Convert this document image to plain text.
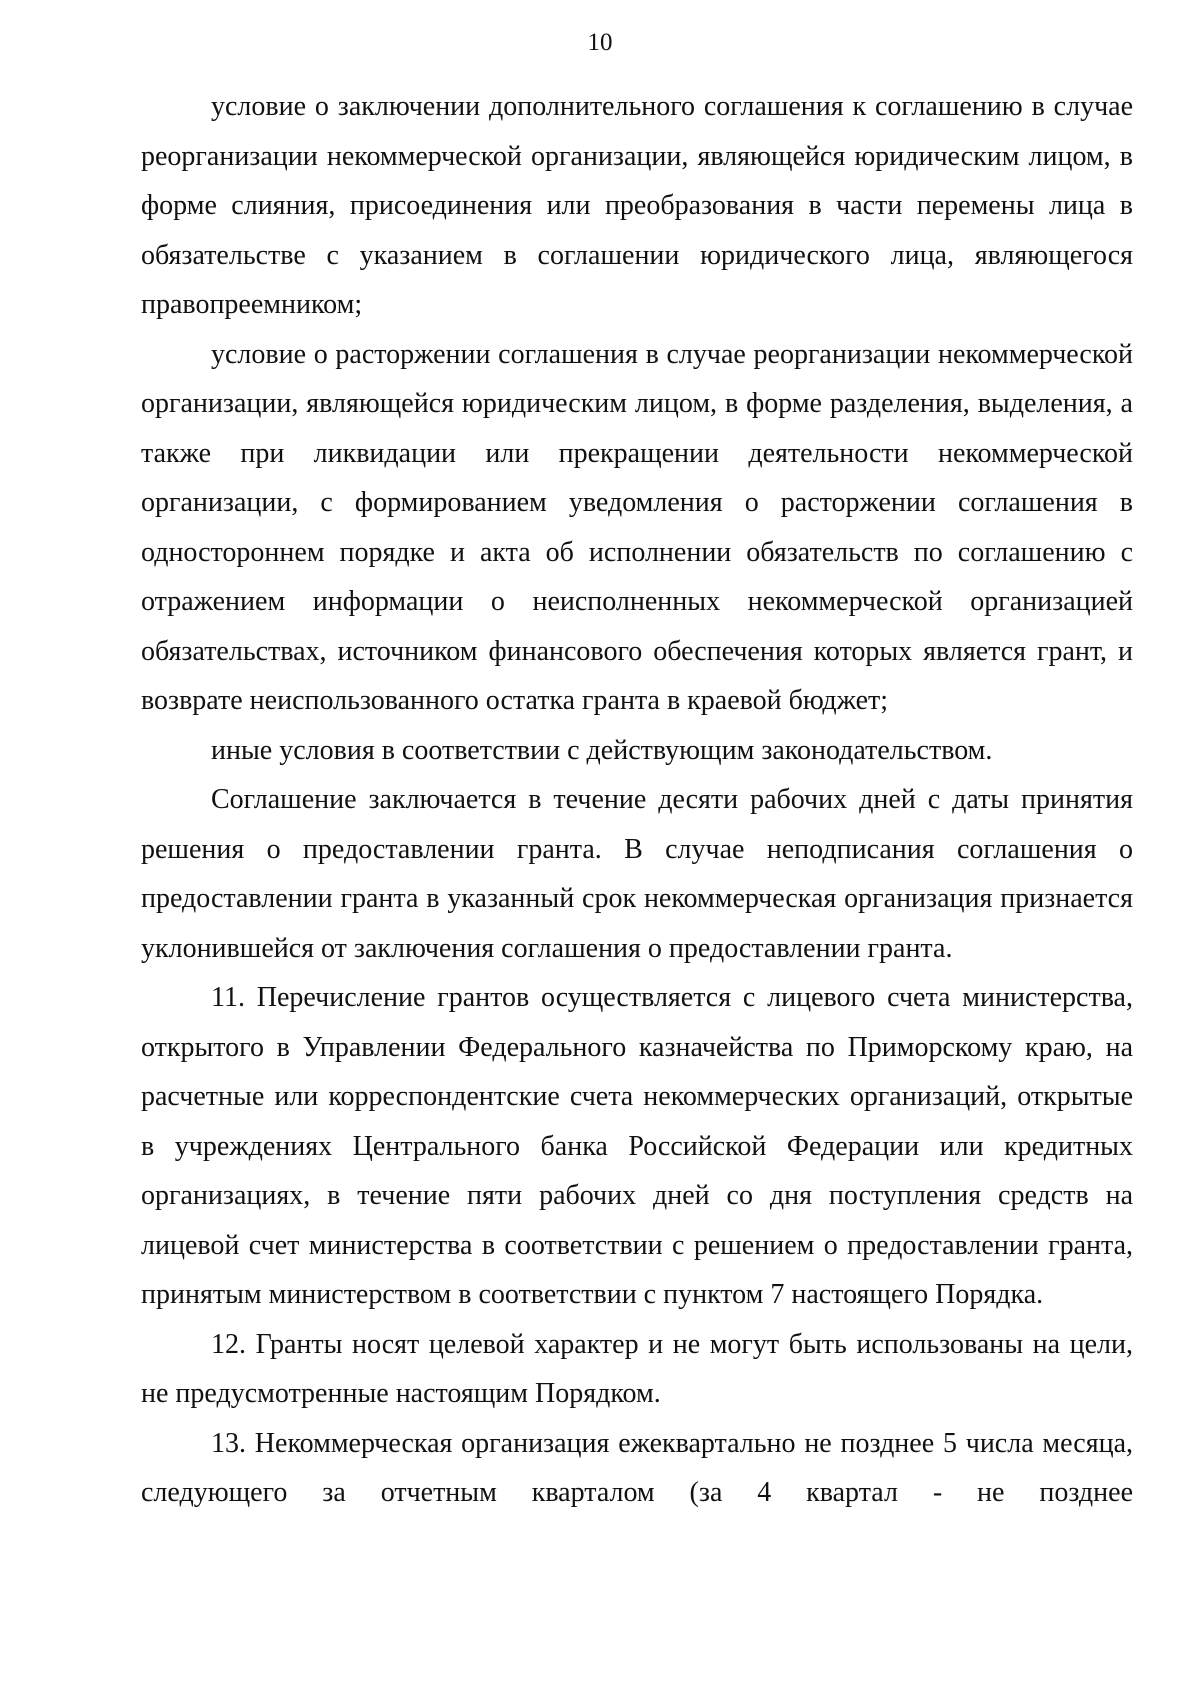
10

условие о заключении дополнительного соглашения к соглашению в случае реорганизации некоммерческой организации, являющейся юридическим лицом, в форме слияния, присоединения или преобразования в части перемены лица в обязательстве с указанием в соглашении юридического лица, являющегося правопреемником;

условие о расторжении соглашения в случае реорганизации некоммерческой организации, являющейся юридическим лицом, в форме разделения, выделения, а также при ликвидации или прекращении деятельности некоммерческой организации, с формированием уведомления о расторжении соглашения в одностороннем порядке и акта об исполнении обязательств по соглашению с отражением информации о неисполненных некоммерческой организацией обязательствах, источником финансового обеспечения которых является грант, и возврате неиспользованного остатка гранта в краевой бюджет;

иные условия в соответствии с действующим законодательством.

Соглашение заключается в течение десяти рабочих дней с даты принятия решения о предоставлении гранта. В случае неподписания соглашения о предоставлении гранта в указанный срок некоммерческая организация признается уклонившейся от заключения соглашения о предоставлении гранта.

11. Перечисление грантов осуществляется с лицевого счета министерства, открытого в Управлении Федерального казначейства по Приморскому краю, на расчетные или корреспондентские счета некоммерческих организаций, открытые в учреждениях Центрального банка Российской Федерации или кредитных организациях, в течение пяти рабочих дней со дня поступления средств на лицевой счет министерства в соответствии с решением о предоставлении гранта, принятым министерством в соответствии с пунктом 7 настоящего Порядка.

12. Гранты носят целевой характер и не могут быть использованы на цели, не предусмотренные настоящим Порядком.

13. Некоммерческая организация ежеквартально не позднее 5 числа месяца, следующего за отчетным кварталом (за 4 квартал - не позднее
